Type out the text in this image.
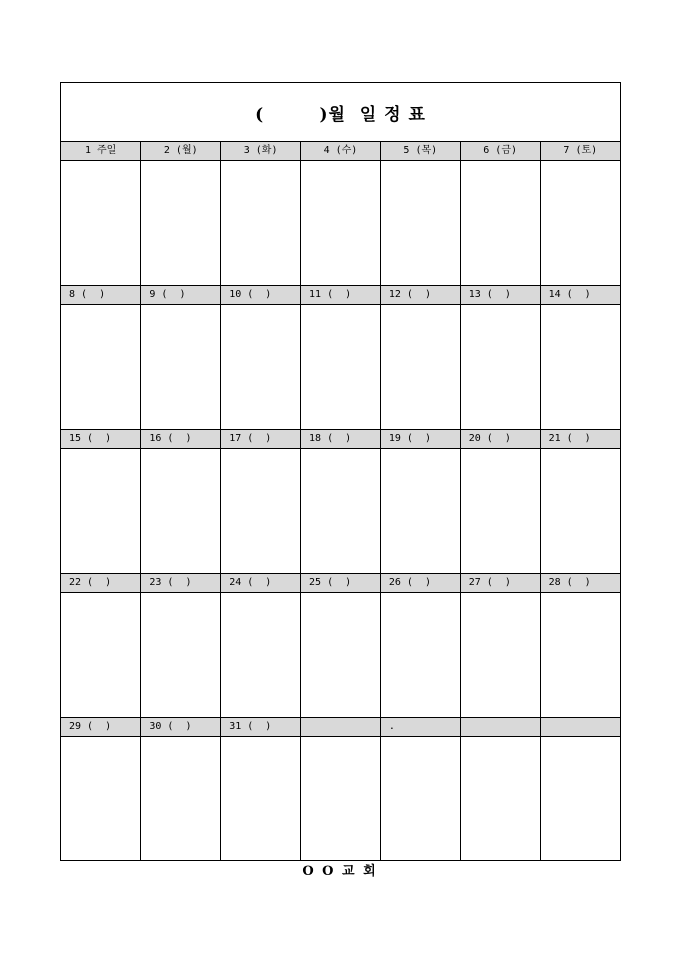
(        )월  일 정 표
1 주일	2 (월)	3 (화)	4 (수)	5 (목)	6 (금)	7 (토)

8 (  )	9 (  )	10 (  )	11 (  )	12 (  )	13 (  )	14 (  )

15 (  )	16 (  )	17 (  )	18 (  )	19 (  )	20 (  )	21 (  )

22 (  )	23 (  )	24 (  )	25 (  )	26 (  )	27 (  )	28 (  )

29 (  )	30 (  )	31 (  )		.		

O O 교 회
